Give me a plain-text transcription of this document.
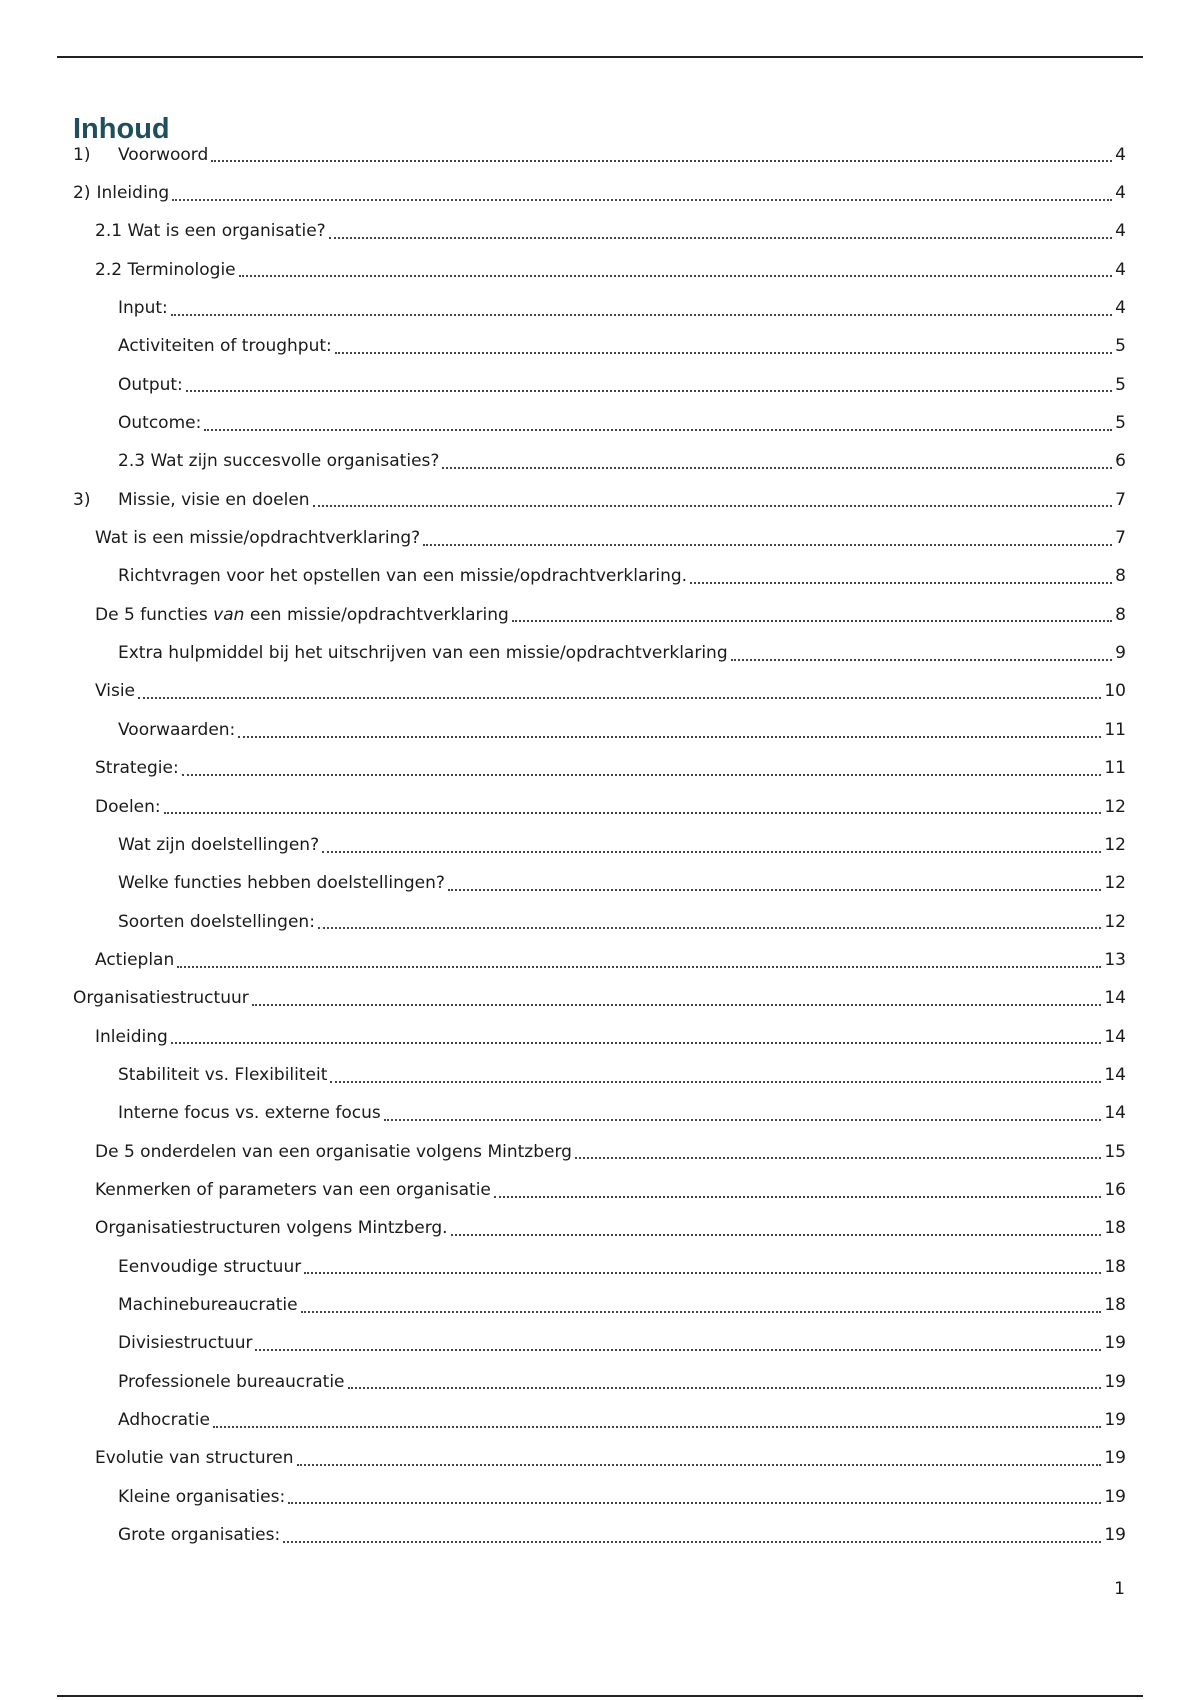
Inhoud
1)	Voorwoord	4
2) Inleiding	4
2.1 Wat is een organisatie?	4
2.2 Terminologie	4
Input:	4
Activiteiten of troughput:	5
Output:	5
Outcome:	5
2.3 Wat zijn succesvolle organisaties?	6
3)	Missie, visie en doelen	7
Wat is een missie/opdrachtverklaring?	7
Richtvragen voor het opstellen van een missie/opdrachtverklaring.	8
De 5 functies van een missie/opdrachtverklaring	8
Extra hulpmiddel bij het uitschrijven van een missie/opdrachtverklaring	9
Visie	10
Voorwaarden:	11
Strategie:	11
Doelen:	12
Wat zijn doelstellingen?	12
Welke functies hebben doelstellingen?	12
Soorten doelstellingen:	12
Actieplan	13
Organisatiestructuur	14
Inleiding	14
Stabiliteit vs. Flexibiliteit	14
Interne focus vs. externe focus	14
De 5 onderdelen van een organisatie volgens Mintzberg	15
Kenmerken of parameters van een organisatie	16
Organisatiestructuren volgens Mintzberg.	18
Eenvoudige structuur	18
Machinebureaucratie	18
Divisiestructuur	19
Professionele bureaucratie	19
Adhocratie	19
Evolutie van structuren	19
Kleine organisaties:	19
Grote organisaties:	19
1
